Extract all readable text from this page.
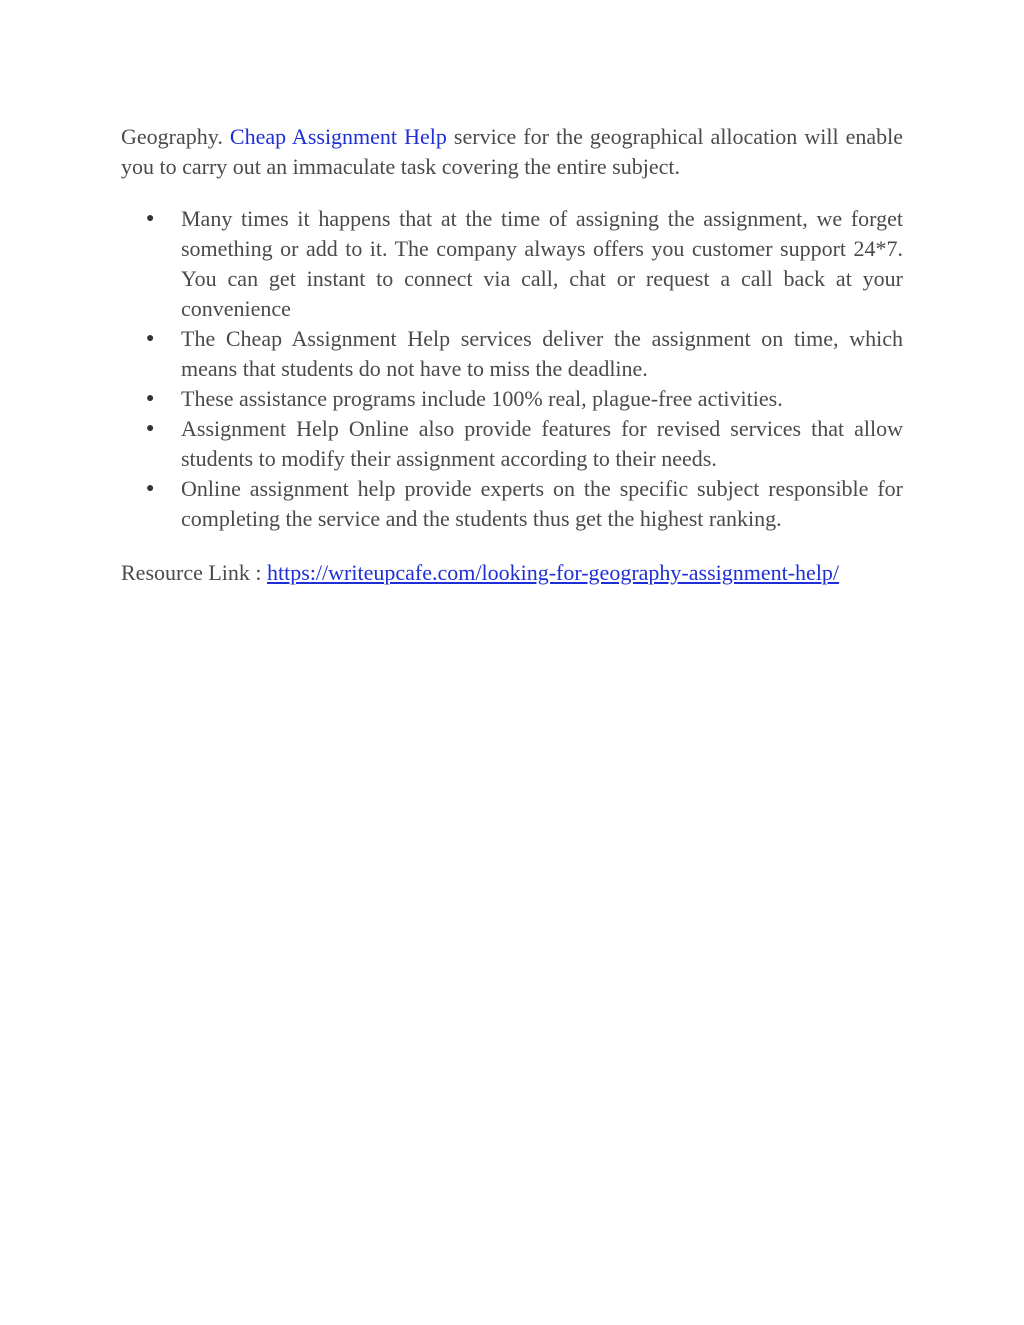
Geography. Cheap Assignment Help service for the geographical allocation will enable you to carry out an immaculate task covering the entire subject.

● Many times it happens that at the time of assigning the assignment, we forget something or add to it. The company always offers you customer support 24*7. You can get instant to connect via call, chat or request a call back at your convenience
● The Cheap Assignment Help services deliver the assignment on time, which means that students do not have to miss the deadline.
● These assistance programs include 100% real, plague-free activities.
● Assignment Help Online also provide features for revised services that allow students to modify their assignment according to their needs.
● Online assignment help provide experts on the specific subject responsible for completing the service and the students thus get the highest ranking.

Resource Link : https://writeupcafe.com/looking-for-geography-assignment-help/
